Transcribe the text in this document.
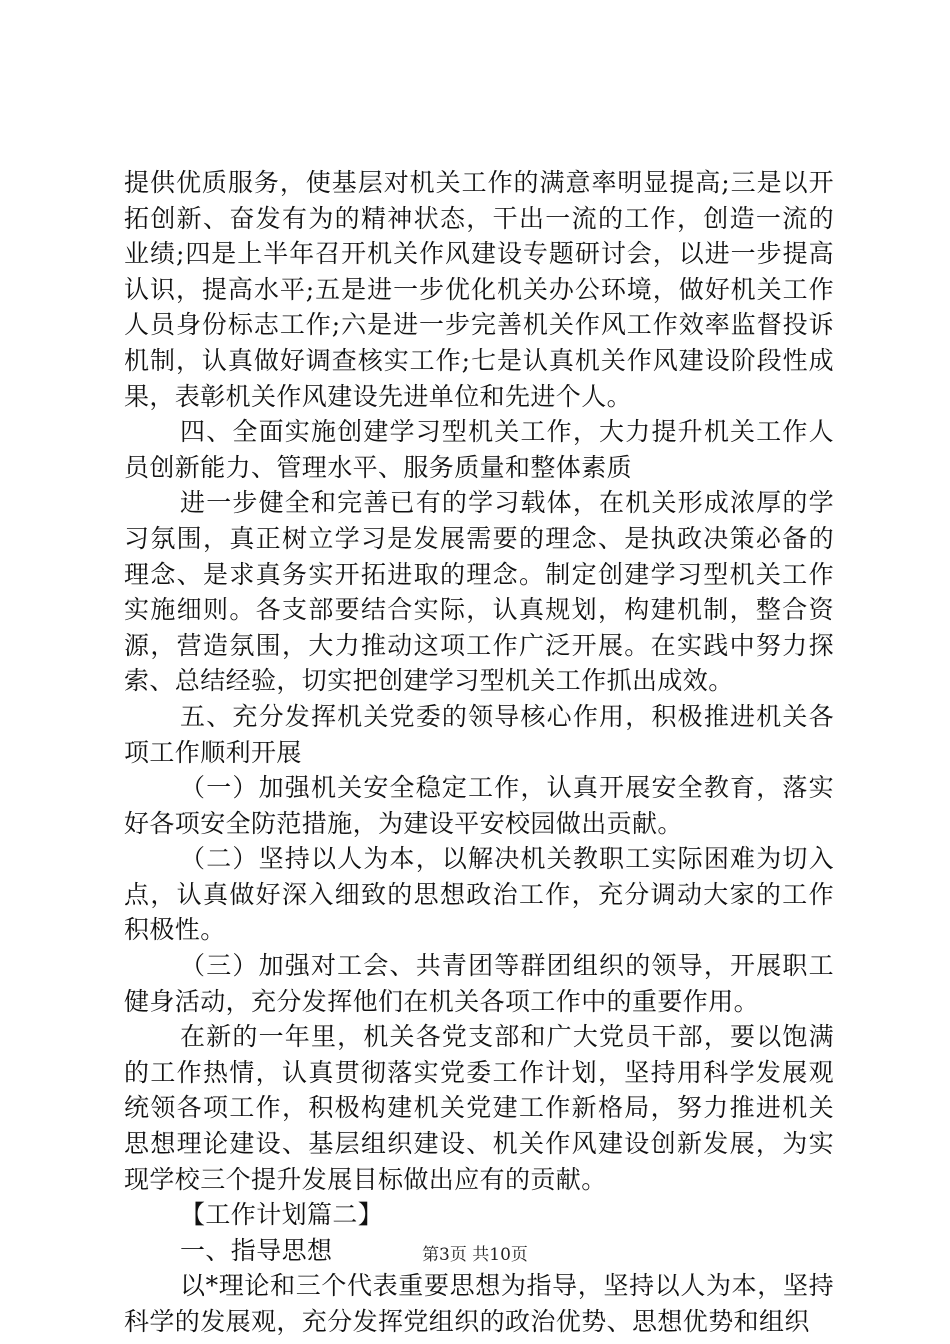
提供优质服务，使基层对机关工作的满意率明显提高;三是以开拓创新、奋发有为的精神状态，干出一流的工作，创造一流的业绩;四是上半年召开机关作风建设专题研讨会，以进一步提高认识，提高水平;五是进一步优化机关办公环境，做好机关工作人员身份标志工作;六是进一步完善机关作风工作效率监督投诉机制，认真做好调查核实工作;七是认真机关作风建设阶段性成果，表彰机关作风建设先进单位和先进个人。

四、全面实施创建学习型机关工作，大力提升机关工作人员创新能力、管理水平、服务质量和整体素质

进一步健全和完善已有的学习载体，在机关形成浓厚的学习氛围，真正树立学习是发展需要的理念、是执政决策必备的理念、是求真务实开拓进取的理念。制定创建学习型机关工作实施细则。各支部要结合实际，认真规划，构建机制，整合资源，营造氛围，大力推动这项工作广泛开展。在实践中努力探索、总结经验，切实把创建学习型机关工作抓出成效。

五、充分发挥机关党委的领导核心作用，积极推进机关各项工作顺利开展

（一）加强机关安全稳定工作，认真开展安全教育，落实好各项安全防范措施，为建设平安校园做出贡献。

（二）坚持以人为本，以解决机关教职工实际困难为切入点，认真做好深入细致的思想政治工作，充分调动大家的工作积极性。

（三）加强对工会、共青团等群团组织的领导，开展职工健身活动，充分发挥他们在机关各项工作中的重要作用。

在新的一年里，机关各党支部和广大党员干部，要以饱满的工作热情，认真贯彻落实党委工作计划，坚持用科学发展观统领各项工作，积极构建机关党建工作新格局，努力推进机关思想理论建设、基层组织建设、机关作风建设创新发展，为实现学校三个提升发展目标做出应有的贡献。

【工作计划篇二】

一、指导思想

以*理论和三个代表重要思想为指导，坚持以人为本，坚持科学的发展观，充分发挥党组织的政治优势、思想优势和组织

第3页 共10页
